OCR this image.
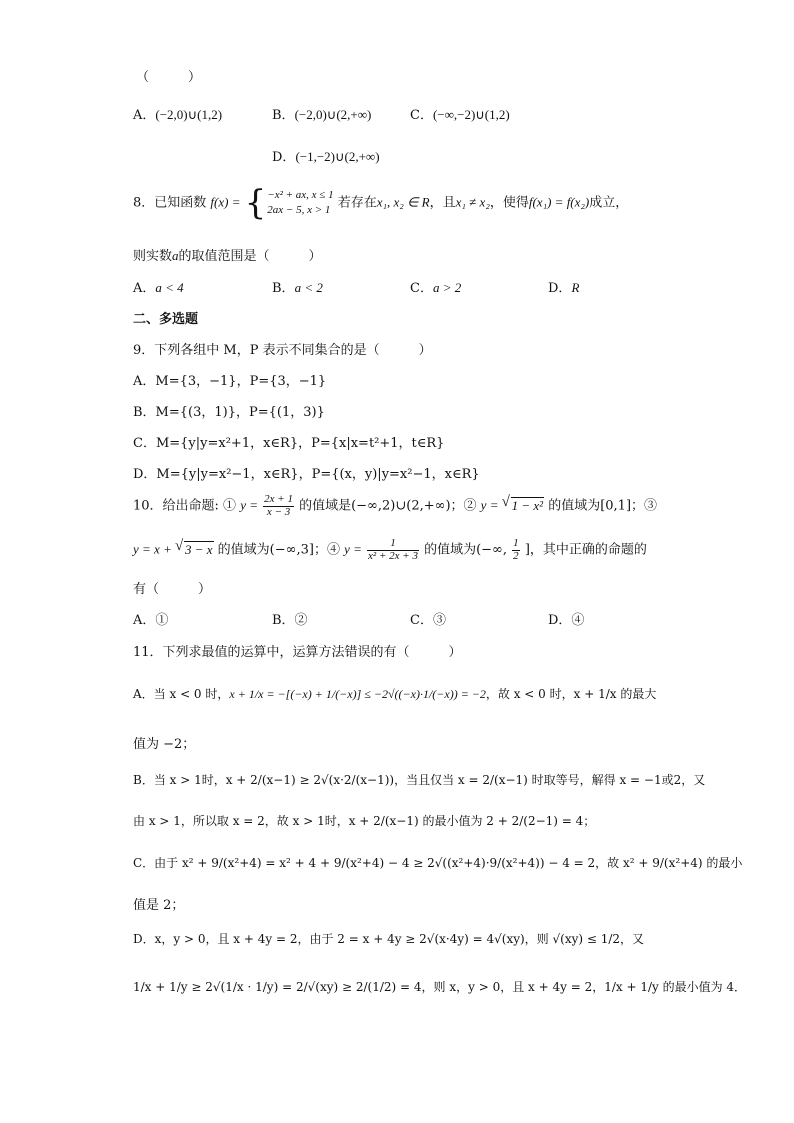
（　　　）
A．(−2,0)∪(1,2)	B．(−2,0)∪(2,+∞)	C．(−∞,−2)∪(1,2)
D．(−1,−2)∪(2,+∞)
8．已知函数 f(x) = { −x² + ax, x ≤ 1
2ax − 5, x > 1 若存在x₁, x₂ ∈ R，且x₁ ≠ x₂，使得f(x₁) = f(x₂)成立，
则实数a的取值范围是（　　　）
A．a < 4	B．a < 2	C．a > 2	D．R
二、多选题
9．下列各组中 M，P 表示不同集合的是（　　　）
A．M={3，−1}，P={3，−1}
B．M={(3，1)}，P={(1，3)}
C．M={y|y=x²+1，x∈R}，P={x|x=t²+1，t∈R}
D．M={y|y=x²−1，x∈R}，P={(x，y)|y=x²−1，x∈R}
10．给出命题: ① $y = \frac{2x + 1}{x - 3}$ 的值域是(−∞,2)∪(2,+∞)；② y = √ 1 − x² 的值域为[0,1]；③
y = x + √ 3 − x 的值域为(−∞,3]；④ $y = \frac{1}{\text{x² + 2x + 3}}$ 的值域为(−∞, $\frac{1}{2}$ ]，其中正确的命题的
有（　　　）
A．①	B．②	C．③	D．④
11．下列求最值的运算中，运算方法错误的有（　　　）
A．当 x < 0 时，x + 1/x = −[(−x) + 1/(−x)] ≤ −2√((−x)·1/(−x)) = −2，故 x < 0 时，x + 1/x 的最大
值为 −2；
B．当 x > 1时，x + 2/(x−1) ≥ 2√(x·2/(x−1))，当且仅当 x = 2/(x−1) 时取等号，解得 x = −1或2，又
由 x > 1，所以取 x = 2，故 x > 1时，x + 2/(x−1) 的最小值为 2 + 2/(2−1) = 4；
C．由于 x² + 9/(x²+4) = x² + 4 + 9/(x²+4) − 4 ≥ 2√((x²+4)·9/(x²+4)) − 4 = 2，故 x² + 9/(x²+4) 的最小
值是 2；
D．x，y > 0，且 x + 4y = 2，由于 2 = x + 4y ≥ 2√(x·4y) = 4√(xy)，则 √(xy) ≤ 1/2，又
1/x + 1/y ≥ 2√(1/x · 1/y) = 2/√(xy) ≥ 2/(1/2) = 4，则 x，y > 0，且 x + 4y = 2，1/x + 1/y 的最小值为 4．
